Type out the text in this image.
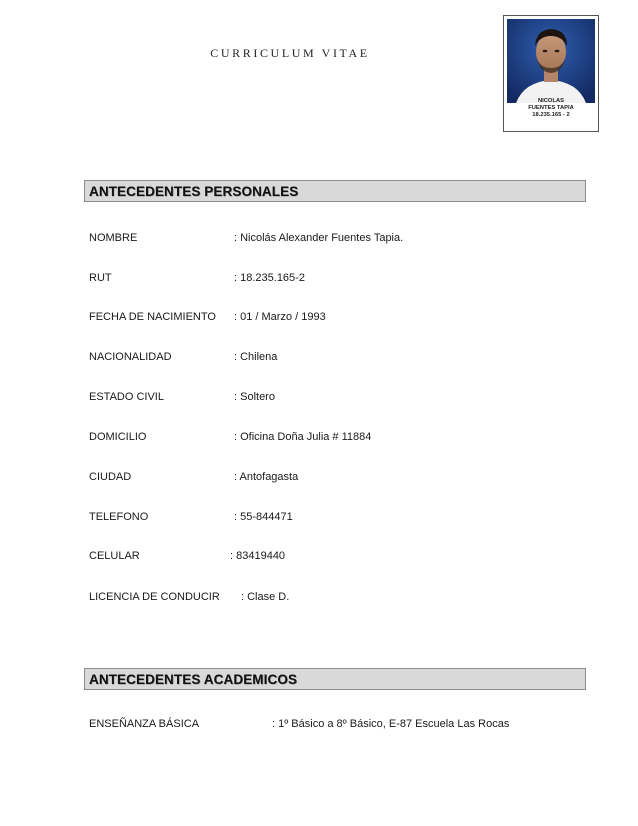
CURRICULUM VITAE
NICOLAS
FUENTES TAPIA
18.235.165 - 2
ANTECEDENTES PERSONALES
NOMBRE	: Nicolás Alexander Fuentes Tapia.
RUT	: 18.235.165-2
FECHA DE NACIMIENTO : 01 / Marzo / 1993
NACIONALIDAD	: Chilena
ESTADO CIVIL	: Soltero
DOMICILIO	: Oficina Doña Julia # 11884
CIUDAD	: Antofagasta
TELEFONO	: 55-844471
CELULAR	: 83419440
LICENCIA DE CONDUCIR : Clase D.
ANTECEDENTES ACADEMICOS
ENSEÑANZA BÁSICA	: 1º Básico a 8º Básico, E-87 Escuela Las Rocas
